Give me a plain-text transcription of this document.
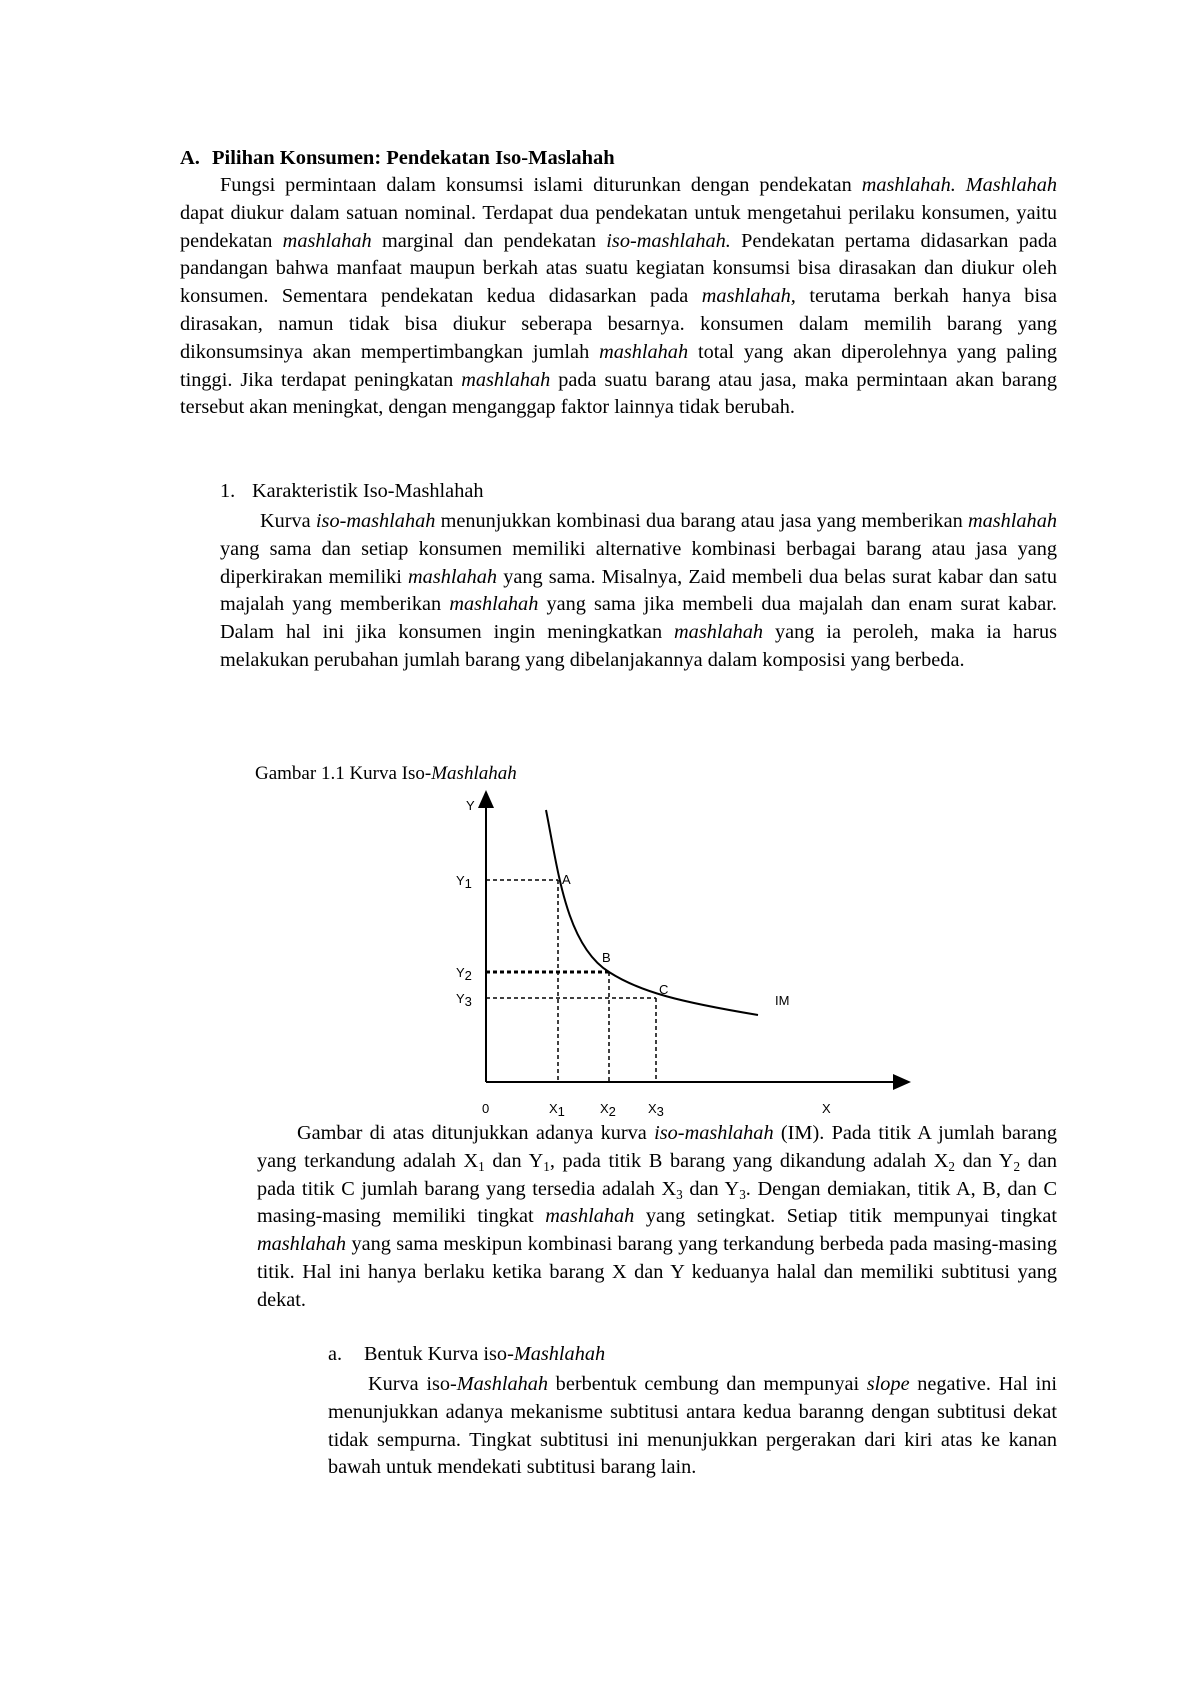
A. Pilihan Konsumen: Pendekatan Iso-Maslahah

Fungsi permintaan dalam konsumsi islami diturunkan dengan pendekatan mashlahah. Mashlahah dapat diukur dalam satuan nominal. Terdapat dua pendekatan untuk mengetahui perilaku konsumen, yaitu pendekatan mashlahah marginal dan pendekatan iso-mashlahah. Pendekatan pertama didasarkan pada pandangan bahwa manfaat maupun berkah atas suatu kegiatan konsumsi bisa dirasakan dan diukur oleh konsumen. Sementara pendekatan kedua didasarkan pada mashlahah, terutama berkah hanya bisa dirasakan, namun tidak bisa diukur seberapa besarnya. konsumen dalam memilih barang yang dikonsumsinya akan mempertimbangkan jumlah mashlahah total yang akan diperolehnya yang paling tinggi. Jika terdapat peningkatan mashlahah pada suatu barang atau jasa, maka permintaan akan barang tersebut akan meningkat, dengan menganggap faktor lainnya tidak berubah.

1. Karakteristik Iso-Mashlahah

Kurva iso-mashlahah menunjukkan kombinasi dua barang atau jasa yang memberikan mashlahah yang sama dan setiap konsumen memiliki alternative kombinasi berbagai barang atau jasa yang diperkirakan memiliki mashlahah yang sama. Misalnya, Zaid membeli dua belas surat kabar dan satu majalah yang memberikan mashlahah yang sama jika membeli dua majalah dan enam surat kabar. Dalam hal ini jika konsumen ingin meningkatkan mashlahah yang ia peroleh, maka ia harus melakukan perubahan jumlah barang yang dibelanjakannya dalam komposisi yang berbeda.

Gambar 1.1 Kurva Iso-Mashlahah
Y
X
0
Y1
Y2
Y3
X1	X2 X3
A
B
C
IM

Gambar di atas ditunjukkan adanya kurva iso-mashlahah (IM). Pada titik A jumlah barang yang terkandung adalah $X_1$ dan $Y_1$, pada titik B barang yang dikandung adalah $X_2$ dan $Y_2$ dan pada titik C jumlah barang yang tersedia adalah $X_3$ dan $Y_3$. Dengan demiakan, titik A, B, dan C masing-masing memiliki tingkat mashlahah yang setingkat. Setiap titik mempunyai tingkat mashlahah yang sama meskipun kombinasi barang yang terkandung berbeda pada masing-masing titik. Hal ini hanya berlaku ketika barang X dan Y keduanya halal dan memiliki subtitusi yang dekat.

a. Bentuk Kurva iso-Mashlahah

Kurva iso-Mashlahah berbentuk cembung dan mempunyai slope negative. Hal ini menunjukkan adanya mekanisme subtitusi antara kedua baranng dengan subtitusi dekat tidak sempurna. Tingkat subtitusi ini menunjukkan pergerakan dari kiri atas ke kanan bawah untuk mendekati subtitusi barang lain.
